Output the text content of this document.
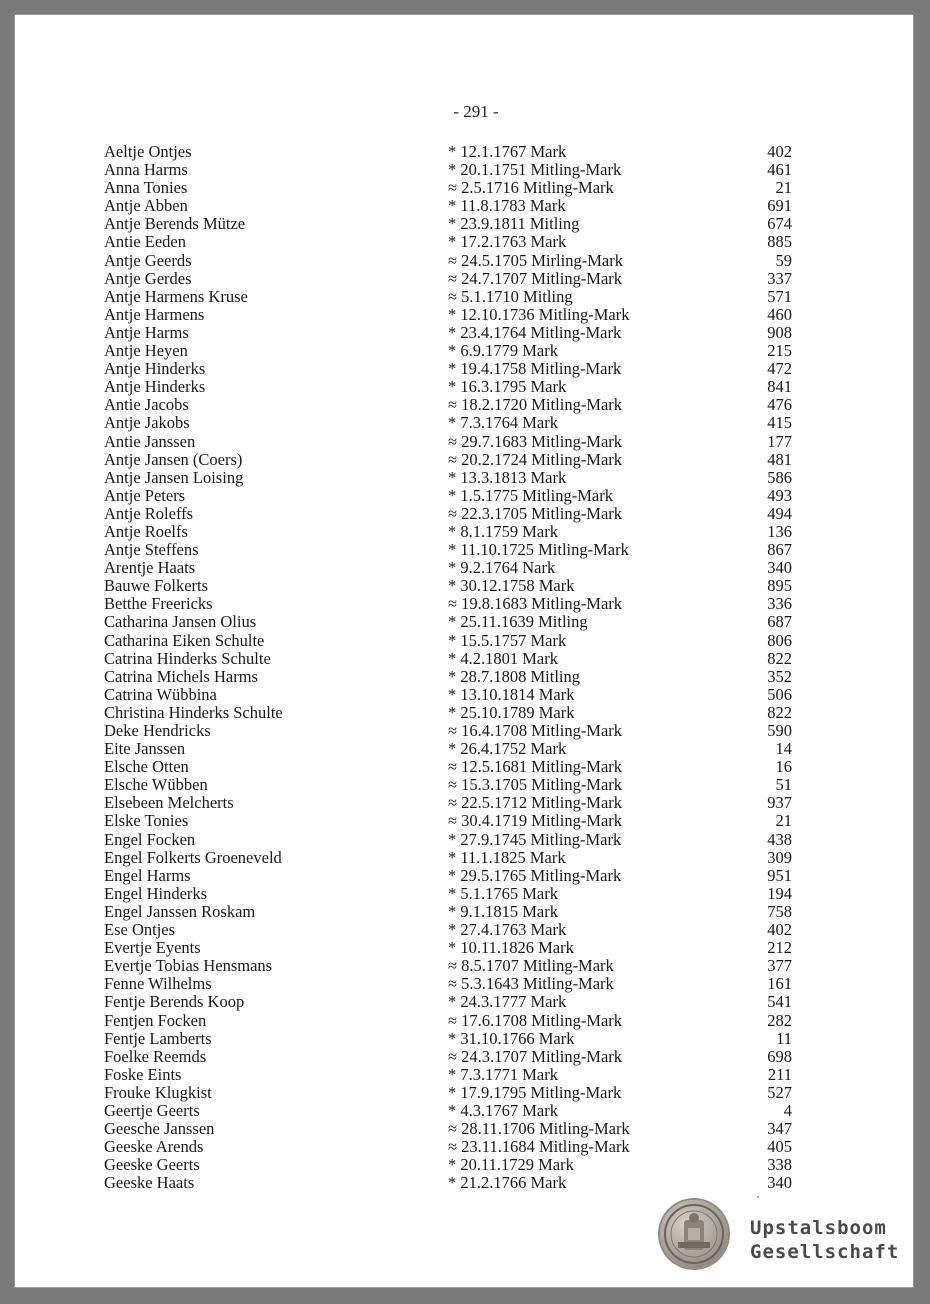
- 291 -
Aeltje Ontjes	* 12.1.1767 Mark	402
Anna Harms	* 20.1.1751 Mitling-Mark	461
Anna Tonies	≈ 2.5.1716 Mitling-Mark	21
Antje Abben	* 11.8.1783 Mark	691
Antje Berends Mütze	* 23.9.1811 Mitling	674
Antie Eeden	* 17.2.1763 Mark	885
Antje Geerds	≈ 24.5.1705 Mirling-Mark	59
Antje Gerdes	≈ 24.7.1707 Mitling-Mark	337
Antje Harmens Kruse	≈ 5.1.1710 Mitling	571
Antje Harmens	* 12.10.1736 Mitling-Mark	460
Antje Harms	* 23.4.1764 Mitling-Mark	908
Antje Heyen	* 6.9.1779 Mark	215
Antje Hinderks	* 19.4.1758 Mitling-Mark	472
Antje Hinderks	* 16.3.1795 Mark	841
Antie Jacobs	≈ 18.2.1720 Mitling-Mark	476
Antje Jakobs	* 7.3.1764 Mark	415
Antie Janssen	≈ 29.7.1683 Mitling-Mark	177
Antje Jansen (Coers)	≈ 20.2.1724 Mitling-Mark	481
Antje Jansen Loising	* 13.3.1813 Mark	586
Antje Peters	* 1.5.1775 Mitling-Mark	493
Antje Roleffs	≈ 22.3.1705 Mitling-Mark	494
Antje Roelfs	* 8.1.1759 Mark	136
Antje Steffens	* 11.10.1725 Mitling-Mark	867
Arentje Haats	* 9.2.1764 Nark	340
Bauwe Folkerts	* 30.12.1758 Mark	895
Betthe Freericks	≈ 19.8.1683 Mitling-Mark	336
Catharina Jansen Olius	* 25.11.1639 Mitling	687
Catharina Eiken Schulte	* 15.5.1757 Mark	806
Catrina Hinderks Schulte	* 4.2.1801 Mark	822
Catrina Michels Harms	* 28.7.1808 Mitling	352
Catrina Wübbina	* 13.10.1814 Mark	506
Christina Hinderks Schulte	* 25.10.1789 Mark	822
Deke Hendricks	≈ 16.4.1708 Mitling-Mark	590
Eite Janssen	* 26.4.1752 Mark	14
Elsche Otten	≈ 12.5.1681 Mitling-Mark	16
Elsche Wübben	≈ 15.3.1705 Mitling-Mark	51
Elsebeen Melcherts	≈ 22.5.1712 Mitling-Mark	937
Elske Tonies	≈ 30.4.1719 Mitling-Mark	21
Engel Focken	* 27.9.1745 Mitling-Mark	438
Engel Folkerts Groeneveld	* 11.1.1825 Mark	309
Engel Harms	* 29.5.1765 Mitling-Mark	951
Engel Hinderks	* 5.1.1765 Mark	194
Engel Janssen Roskam	* 9.1.1815 Mark	758
Ese Ontjes	* 27.4.1763 Mark	402
Evertje Eyents	* 10.11.1826 Mark	212
Evertje Tobias Hensmans	≈ 8.5.1707 Mitling-Mark	377
Fenne Wilhelms	≈ 5.3.1643 Mitling-Mark	161
Fentje Berends Koop	* 24.3.1777 Mark	541
Fentjen Focken	≈ 17.6.1708 Mitling-Mark	282
Fentje Lamberts	* 31.10.1766 Mark	11
Foelke Reemds	≈ 24.3.1707 Mitling-Mark	698
Foske Eints	* 7.3.1771 Mark	211
Frouke Klugkist	* 17.9.1795 Mitling-Mark	527
Geertje Geerts	* 4.3.1767 Mark	4
Geesche Janssen	≈ 28.11.1706 Mitling-Mark	347
Geeske Arends	≈ 23.11.1684 Mitling-Mark	405
Geeske Geerts	* 20.11.1729 Mark	338
Geeske Haats	* 21.2.1766 Mark	340
Upstalsboom
Gesellschaft
